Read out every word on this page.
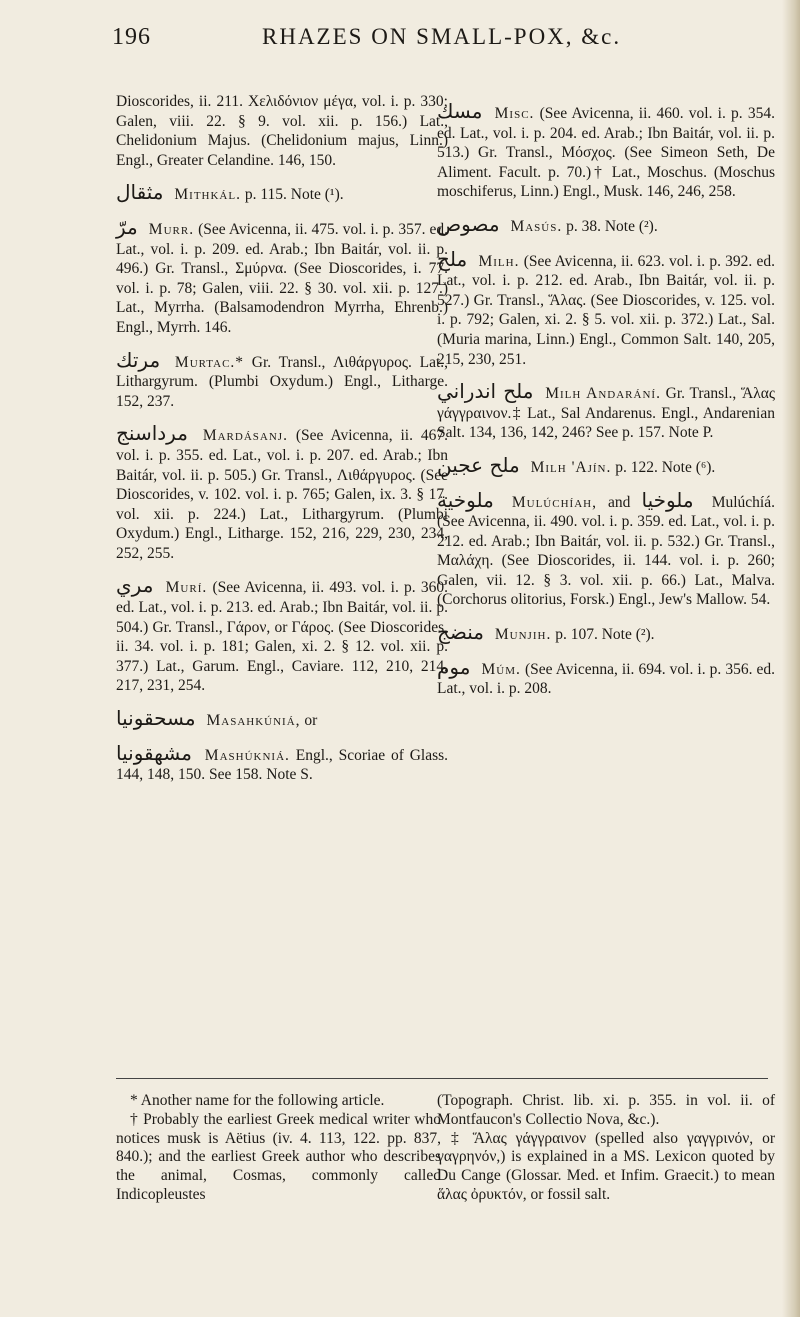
196	RHAZES ON SMALL-POX, &c.

Dioscorides, ii. 211. Χελιδόνιον μέγα, vol. i. p. 330; Galen, viii. 22. § 9. vol. xii. p. 156.) Lat., Chelidonium Majus. (Chelidonium majus, Linn.) Engl., Greater Celandine. 146, 150.

مثقال Mithkál. p. 115. Note (¹).

مرّ Murr. (See Avicenna, ii. 475. vol. i. p. 357. ed. Lat., vol. i. p. 209. ed. Arab.; Ibn Baitár, vol. ii. p. 496.) Gr. Transl., Σμύρνα. (See Dioscorides, i. 77. vol. i. p. 78; Galen, viii. 22. § 30. vol. xii. p. 127.) Lat., Myrrha. (Balsamodendron Myrrha, Ehrenb.) Engl., Myrrh. 146.

مرتك Murtac.* Gr. Transl., Λιθάργυρος. Lat., Lithargyrum. (Plumbi Oxydum.) Engl., Litharge. 152, 237.

مرداسنج Mardásanj. (See Avicenna, ii. 467. vol. i. p. 355. ed. Lat., vol. i. p. 207. ed. Arab.; Ibn Baitár, vol. ii. p. 505.) Gr. Transl., Λιθάργυρος. (See Dioscorides, v. 102. vol. i. p. 765; Galen, ix. 3. § 17. vol. xii. p. 224.) Lat., Lithargyrum. (Plumbi Oxydum.) Engl., Litharge. 152, 216, 229, 230, 234, 252, 255.

مري Murí. (See Avicenna, ii. 493. vol. i. p. 360. ed. Lat., vol. i. p. 213. ed. Arab.; Ibn Baitár, vol. ii. p. 504.) Gr. Transl., Γάρον, or Γάρος. (See Dioscorides, ii. 34. vol. i. p. 181; Galen, xi. 2. § 12. vol. xii. p. 377.) Lat., Garum. Engl., Caviare. 112, 210, 214, 217, 231, 254.

مسحقونيا Masahkúniá, or

مشهقونيا Mashúkniá. Engl., Scoriae of Glass. 144, 148, 150. See 158. Note S.

مسك Misc. (See Avicenna, ii. 460. vol. i. p. 354. ed. Lat., vol. i. p. 204. ed. Arab.; Ibn Baitár, vol. ii. p. 513.) Gr. Transl., Μόσχος. (See Simeon Seth, De Aliment. Facult. p. 70.)† Lat., Moschus. (Moschus moschiferus, Linn.) Engl., Musk. 146, 246, 258.

مصوص Masús. p. 38. Note (²).

ملح Milh. (See Avicenna, ii. 623. vol. i. p. 392. ed. Lat., vol. i. p. 212. ed. Arab., Ibn Baitár, vol. ii. p. 527.) Gr. Transl., Ἅλας. (See Dioscorides, v. 125. vol. i. p. 792; Galen, xi. 2. § 5. vol. xii. p. 372.) Lat., Sal. (Muria marina, Linn.) Engl., Common Salt. 140, 205, 215, 230, 251.

ملح اندراني Milh Andarání. Gr. Transl., Ἅλας γάγγραινον.‡ Lat., Sal Andarenus. Engl., Andarenian Salt. 134, 136, 142, 246? See p. 157. Note P.

ملح عجين Milh 'Ajín. p. 122. Note (⁶).

ملوخية Mulúchíah, and ملوخيا Mulúchíá. (See Avicenna, ii. 490. vol. i. p. 359. ed. Lat., vol. i. p. 212. ed. Arab.; Ibn Baitár, vol. ii. p. 532.) Gr. Transl., Μαλάχη. (See Dioscorides, ii. 144. vol. i. p. 260; Galen, vii. 12. § 3. vol. xii. p. 66.) Lat., Malva. (Corchorus olitorius, Forsk.) Engl., Jew's Mallow. 54.

منضج Munjih. p. 107. Note (²).

موم Múm. (See Avicenna, ii. 694. vol. i. p. 356. ed. Lat., vol. i. p. 208.

* Another name for the following article.

† Probably the earliest Greek medical writer who notices musk is Aëtius (iv. 4. 113, 122. pp. 837, 840.); and the earliest Greek author who describes the animal, Cosmas, commonly called Indicopleustes

(Topograph. Christ. lib. xi. p. 355. in vol. ii. of Montfaucon's Collectio Nova, &c.).

‡ Ἅλας γάγγραινον (spelled also γαγγρινόν, or γαγρηνόν,) is explained in a MS. Lexicon quoted by Du Cange (Glossar. Med. et Infim. Graecit.) to mean ἅλας ὀρυκτόν, or fossil salt.
